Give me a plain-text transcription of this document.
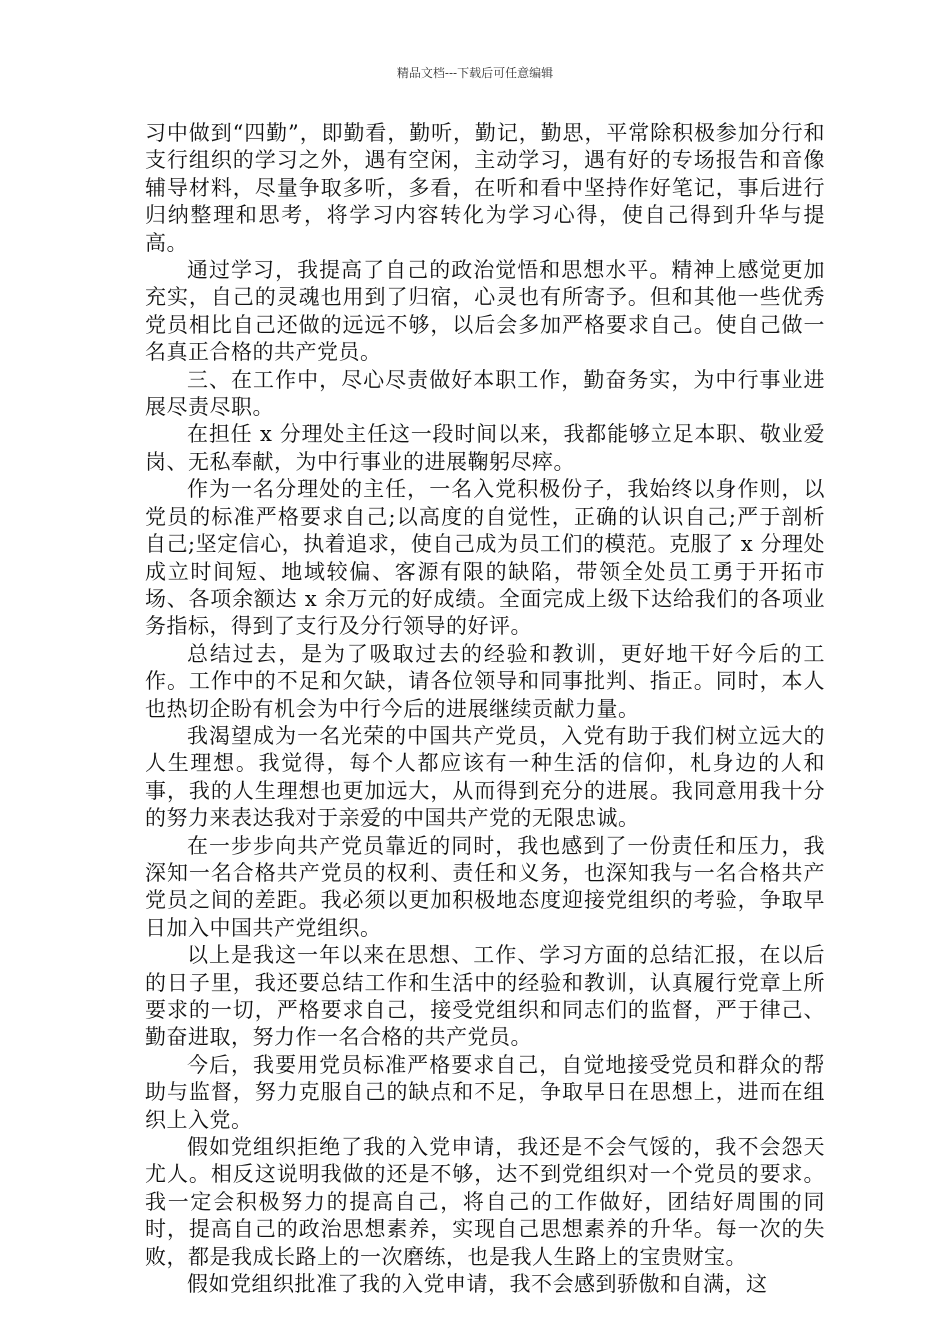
精品文档---下载后可任意编辑

习中做到“四勤”，即勤看，勤听，勤记，勤思，平常除积极参加分行和支行组织的学习之外，遇有空闲，主动学习，遇有好的专场报告和音像辅导材料，尽量争取多听，多看，在听和看中坚持作好笔记，事后进行归纳整理和思考，将学习内容转化为学习心得，使自己得到升华与提高。

通过学习，我提高了自己的政治觉悟和思想水平。精神上感觉更加充实，自己的灵魂也用到了归宿，心灵也有所寄予。但和其他一些优秀党员相比自己还做的远远不够，以后会多加严格要求自己。使自己做一名真正合格的共产党员。

三、在工作中，尽心尽责做好本职工作，勤奋务实，为中行事业进展尽责尽职。

在担任 x 分理处主任这一段时间以来，我都能够立足本职、敬业爱岗、无私奉献，为中行事业的进展鞠躬尽瘁。

作为一名分理处的主任，一名入党积极份子，我始终以身作则，以党员的标准严格要求自己;以高度的自觉性，正确的认识自己;严于剖析自己;坚定信心，执着追求，使自己成为员工们的模范。克服了 x 分理处成立时间短、地域较偏、客源有限的缺陷，带领全处员工勇于开拓市场、各项余额达 x 余万元的好成绩。全面完成上级下达给我们的各项业务指标，得到了支行及分行领导的好评。

总结过去，是为了吸取过去的经验和教训，更好地干好今后的工作。工作中的不足和欠缺，请各位领导和同事批判、指正。同时，本人也热切企盼有机会为中行今后的进展继续贡献力量。

我渴望成为一名光荣的中国共产党员，入党有助于我们树立远大的人生理想。我觉得，每个人都应该有一种生活的信仰，札身边的人和事，我的人生理想也更加远大，从而得到充分的进展。我同意用我十分的努力来表达我对于亲爱的中国共产党的无限忠诚。

在一步步向共产党员靠近的同时，我也感到了一份责任和压力，我深知一名合格共产党员的权利、责任和义务，也深知我与一名合格共产党员之间的差距。我必须以更加积极地态度迎接党组织的考验，争取早日加入中国共产党组织。

以上是我这一年以来在思想、工作、学习方面的总结汇报，在以后的日子里，我还要总结工作和生活中的经验和教训，认真履行党章上所要求的一切，严格要求自己，接受党组织和同志们的监督，严于律己、勤奋进取，努力作一名合格的共产党员。

今后，我要用党员标准严格要求自己，自觉地接受党员和群众的帮助与监督，努力克服自己的缺点和不足，争取早日在思想上，进而在组织上入党。

假如党组织拒绝了我的入党申请，我还是不会气馁的，我不会怨天尤人。相反这说明我做的还是不够，达不到党组织对一个党员的要求。我一定会积极努力的提高自己，将自己的工作做好，团结好周围的同时，提高自己的政治思想素养，实现自己思想素养的升华。每一次的失败，都是我成长路上的一次磨练，也是我人生路上的宝贵财宝。

假如党组织批准了我的入党申请，我不会感到骄傲和自满，这
